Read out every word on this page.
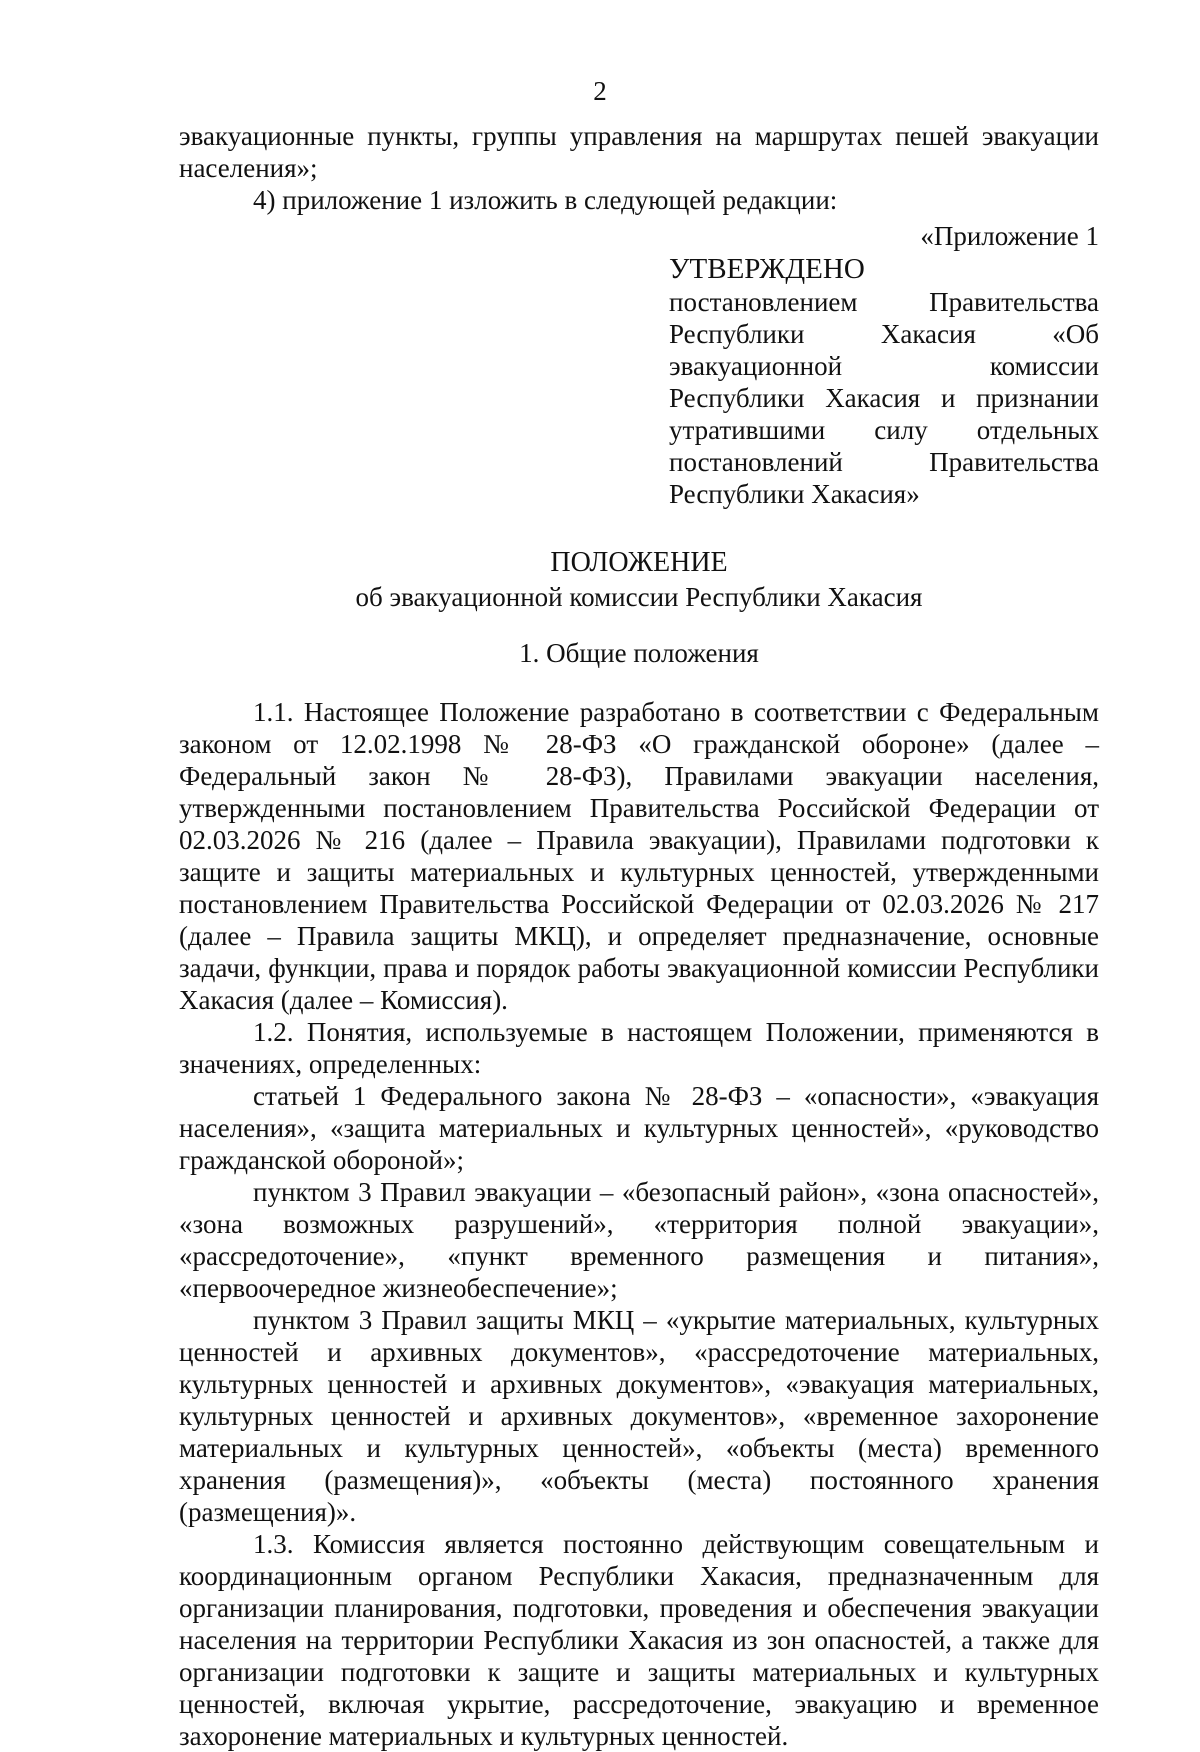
2

эвакуационные пункты, группы управления на маршрутах пешей эвакуации населения»;

4) приложение 1 изложить в следующей редакции:

«Приложение 1

УТВЕРЖДЕНО

постановлением Правительства Республики Хакасия «Об эвакуационной комиссии Республики Хакасия и признании утратившими силу отдельных постановлений Правительства Республики Хакасия»

ПОЛОЖЕНИЕ

об эвакуационной комиссии Республики Хакасия

1. Общие положения

1.1. Настоящее Положение разработано в соответствии с Федеральным законом от 12.02.1998 № 28-ФЗ «О гражданской обороне» (далее – Федеральный закон № 28-ФЗ), Правилами эвакуации населения, утвержденными постановлением Правительства Российской Федерации от 02.03.2026 № 216 (далее – Правила эвакуации), Правилами подготовки к защите и защиты материальных и культурных ценностей, утвержденными постановлением Правительства Российской Федерации от 02.03.2026 № 217 (далее – Правила защиты МКЦ), и определяет предназначение, основные задачи, функции, права и порядок работы эвакуационной комиссии Республики Хакасия (далее – Комиссия).

1.2. Понятия, используемые в настоящем Положении, применяются в значениях, определенных:

статьей 1 Федерального закона № 28-ФЗ – «опасности», «эвакуация населения», «защита материальных и культурных ценностей», «руководство гражданской обороной»;

пунктом 3 Правил эвакуации – «безопасный район», «зона опасностей», «зона возможных разрушений», «территория полной эвакуации», «рассредоточение», «пункт временного размещения и питания», «первоочередное жизнеобеспечение»;

пунктом 3 Правил защиты МКЦ – «укрытие материальных, культурных ценностей и архивных документов», «рассредоточение материальных, культурных ценностей и архивных документов», «эвакуация материальных, культурных ценностей и архивных документов», «временное захоронение материальных и культурных ценностей», «объекты (места) временного хранения (размещения)», «объекты (места) постоянного хранения (размещения)».

1.3. Комиссия является постоянно действующим совещательным и координационным органом Республики Хакасия, предназначенным для организации планирования, подготовки, проведения и обеспечения эвакуации населения на территории Республики Хакасия из зон опасностей, а также для организации подготовки к защите и защиты материальных и культурных ценностей, включая укрытие, рассредоточение, эвакуацию и временное захоронение материальных и культурных ценностей.
